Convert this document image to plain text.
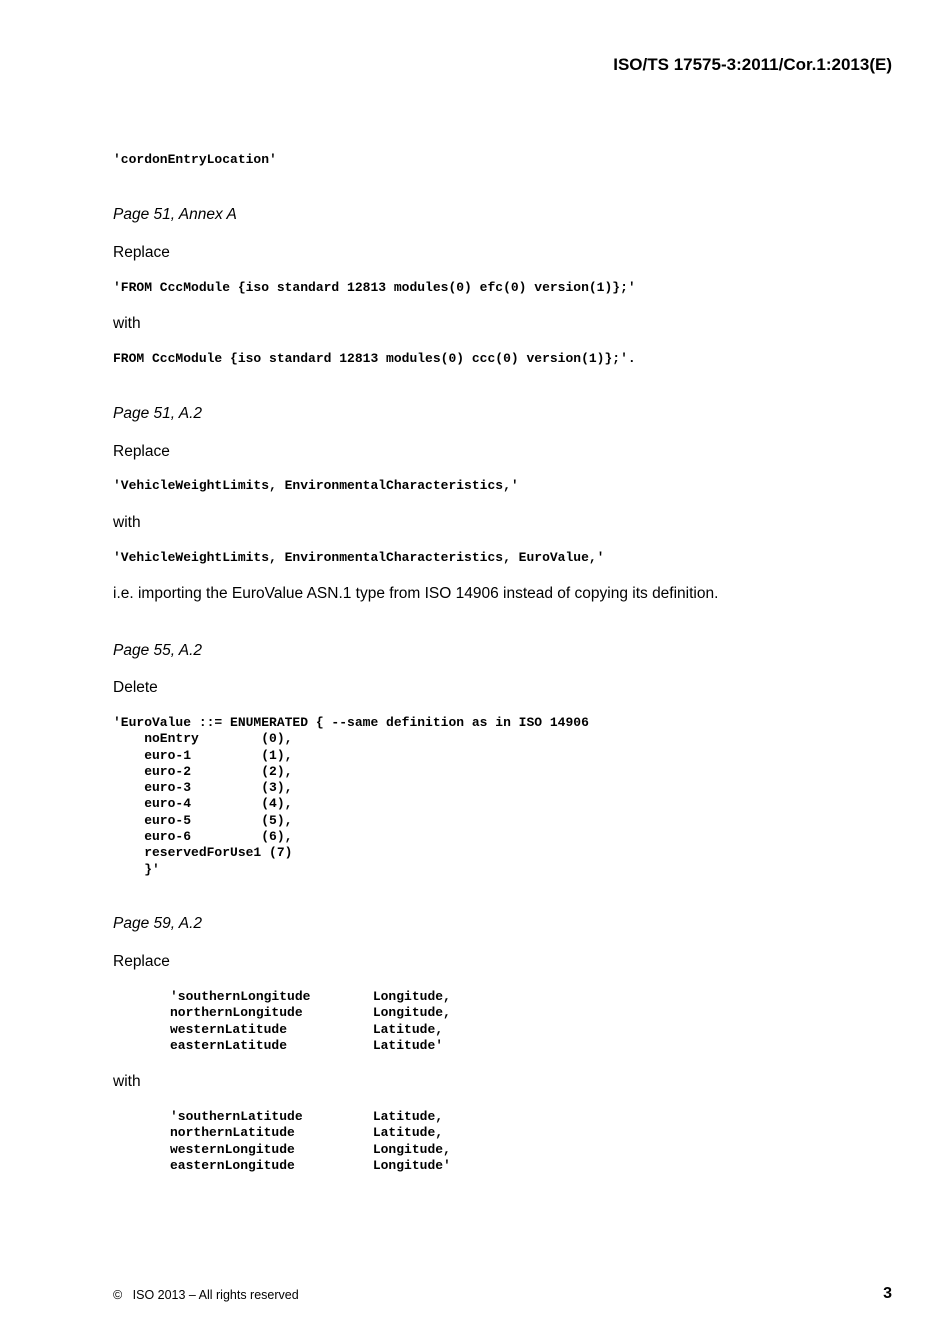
ISO/TS 17575-3:2011/Cor.1:2013(E)
'cordonEntryLocation'
Page 51, Annex A
Replace
'FROM CccModule {iso standard 12813 modules(0) efc(0) version(1)};'
with
FROM CccModule {iso standard 12813 modules(0) ccc(0) version(1)};'.
Page 51, A.2
Replace
'VehicleWeightLimits, EnvironmentalCharacteristics,'
with
'VehicleWeightLimits, EnvironmentalCharacteristics, EuroValue,'
i.e. importing the EuroValue ASN.1 type from ISO 14906 instead of copying its definition.
Page 55, A.2
Delete
'EuroValue ::= ENUMERATED { --same definition as in ISO 14906
noEntry        (0),
euro-1         (1),
euro-2         (2),
euro-3         (3),
euro-4         (4),
euro-5         (5),
euro-6         (6),
reservedForUse1 (7)
}'
Page 59, A.2
Replace
'southernLongitude        Longitude,
northernLongitude         Longitude,
westernLatitude           Latitude,
easternLatitude           Latitude'
with
'southernLatitude         Latitude,
northernLatitude          Latitude,
westernLongitude          Longitude,
easternLongitude          Longitude'
©   ISO 2013 – All rights reserved	3
